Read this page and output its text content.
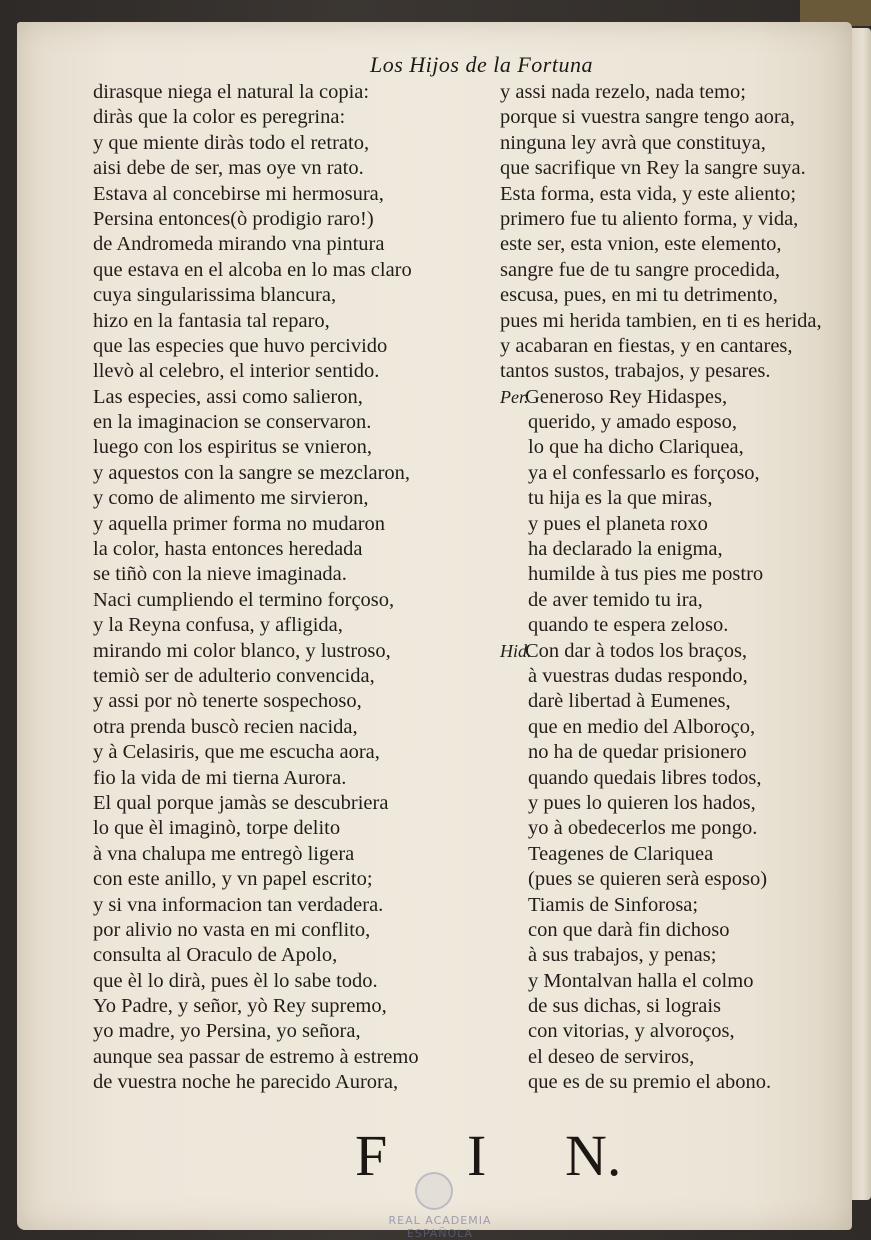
Los Hijos de la Fortuna
dirasque niega el natural la copia:
diràs que la color es peregrina:
y que miente diràs todo el retrato,
aisi debe de ser, mas oye vn rato.
Estava al concebirse mi hermosura,
Persina entonces(ò prodigio raro!)
de Andromeda mirando vna pintura
que estava en el alcoba en lo mas claro
cuya singularissima blancura,
hizo en la fantasia tal reparo,
que las especies que huvo percivido
llevò al celebro, el interior sentido.
Las especies, assi como salieron,
en la imaginacion se conservaron.
luego con los espiritus se vnieron,
y aquestos con la sangre se mezclaron,
y como de alimento me sirvieron,
y aquella primer forma no mudaron
la color, hasta entonces heredada
se tiñò con la nieve imaginada.
Naci cumpliendo el termino forçoso,
y la Reyna confusa, y afligida,
mirando mi color blanco, y lustroso,
temiò ser de adulterio convencida,
y assi por nò tenerte sospechoso,
otra prenda buscò recien nacida,
y à Celasiris, que me escucha aora,
fio la vida de mi tierna Aurora.
El qual porque jamàs se descubriera
lo que èl imaginò, torpe delito
à vna chalupa me entregò ligera
con este anillo, y vn papel escrito;
y si vna informacion tan verdadera.
por alivio no vasta en mi conflito,
consulta al Oraculo de Apolo,
que èl lo dirà, pues èl lo sabe todo.
Yo Padre, y señor, yò Rey supremo,
yo madre, yo Persina, yo señora,
aunque sea passar de estremo à estremo
de vuestra noche he parecido Aurora,
y assi nada rezelo, nada temo;
porque si vuestra sangre tengo aora,
ninguna ley avrà que constituya,
que sacrifique vn Rey la sangre suya.
Esta forma, esta vida, y este aliento;
primero fue tu aliento forma, y vida,
este ser, esta vnion, este elemento,
sangre fue de tu sangre procedida,
escusa, pues, en mi tu detrimento,
pues mi herida tambien, en ti es herida,
y acabaran en fiestas, y en cantares,
tantos sustos, trabajos, y pesares.
Per.
Generoso Rey Hidaspes,
querido, y amado esposo,
lo que ha dicho Clariquea,
ya el confessarlo es forçoso,
tu hija es la que miras,
y pues el planeta roxo
ha declarado la enigma,
humilde à tus pies me postro
de aver temido tu ira,
quando te espera zeloso.
Hid.
Con dar à todos los braços,
à vuestras dudas respondo,
darè libertad à Eumenes,
que en medio del Alboroço,
no ha de quedar prisionero
quando quedais libres todos,
y pues lo quieren los hados,
yo à obedecerlos me pongo.
Teagenes de Clariquea
(pues se quieren serà esposo)
Tiamis de Sinforosa;
con que darà fin dichoso
à sus trabajos, y penas;
y Montalvan halla el colmo
de sus dichas, si lograis
con vitorias, y alvoroços,
el deseo de serviros,
que es de su premio el abono.
F I N.
REAL ACADEMIA ESPAÑOLA
